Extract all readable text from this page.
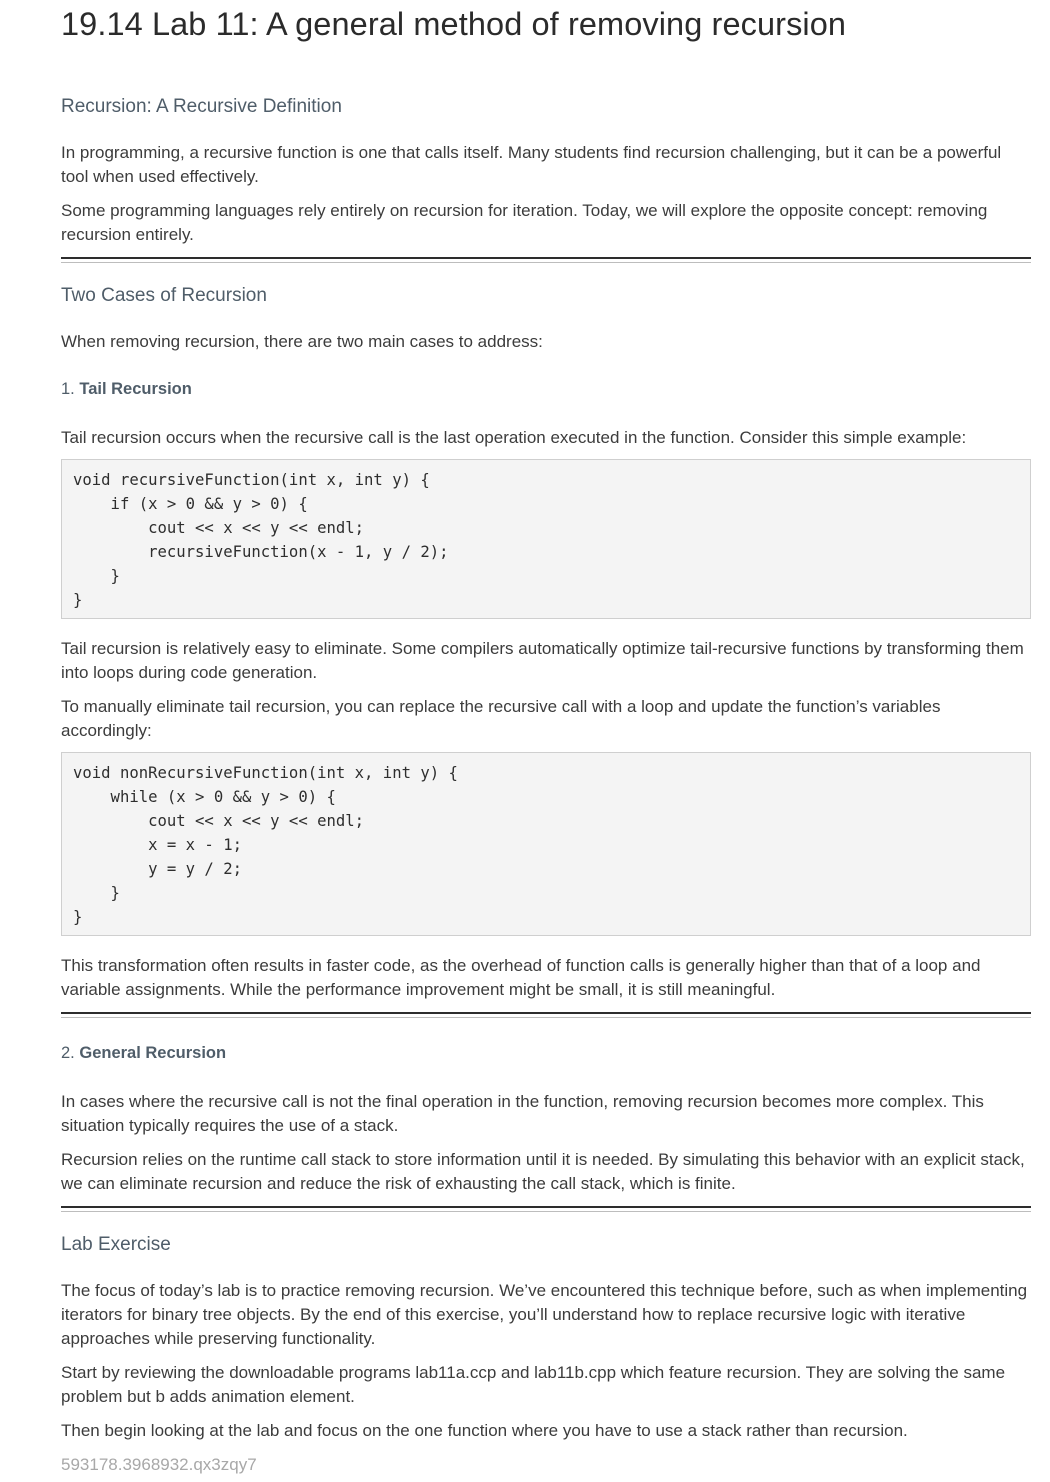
19.14 Lab 11: A general method of removing recursion
Recursion: A Recursive Definition

In programming, a recursive function is one that calls itself. Many students find recursion challenging, but it can be a powerful tool when used effectively.

Some programming languages rely entirely on recursion for iteration. Today, we will explore the opposite concept: removing recursion entirely.

Two Cases of Recursion

When removing recursion, there are two main cases to address:

1. Tail Recursion

Tail recursion occurs when the recursive call is the last operation executed in the function. Consider this simple example:

void recursiveFunction(int x, int y) {
if (x > 0 && y > 0) {
cout << x << y << endl;
recursiveFunction(x - 1, y / 2);
}
}

Tail recursion is relatively easy to eliminate. Some compilers automatically optimize tail-recursive functions by transforming them into loops during code generation.

To manually eliminate tail recursion, you can replace the recursive call with a loop and update the function’s variables accordingly:

void nonRecursiveFunction(int x, int y) {
while (x > 0 && y > 0) {
cout << x << y << endl;
x = x - 1;
y = y / 2;
}
}

This transformation often results in faster code, as the overhead of function calls is generally higher than that of a loop and variable assignments. While the performance improvement might be small, it is still meaningful.

2. General Recursion

In cases where the recursive call is not the final operation in the function, removing recursion becomes more complex. This situation typically requires the use of a stack.

Recursion relies on the runtime call stack to store information until it is needed. By simulating this behavior with an explicit stack, we can eliminate recursion and reduce the risk of exhausting the call stack, which is finite.

Lab Exercise

The focus of today’s lab is to practice removing recursion. We’ve encountered this technique before, such as when implementing iterators for binary tree objects. By the end of this exercise, you’ll understand how to replace recursive logic with iterative approaches while preserving functionality.

Start by reviewing the downloadable programs lab11a.ccp and lab11b.cpp which feature recursion. They are solving the same problem but b adds animation element.

Then begin looking at the lab and focus on the one function where you have to use a stack rather than recursion.

593178.3968932.qx3zqy7
